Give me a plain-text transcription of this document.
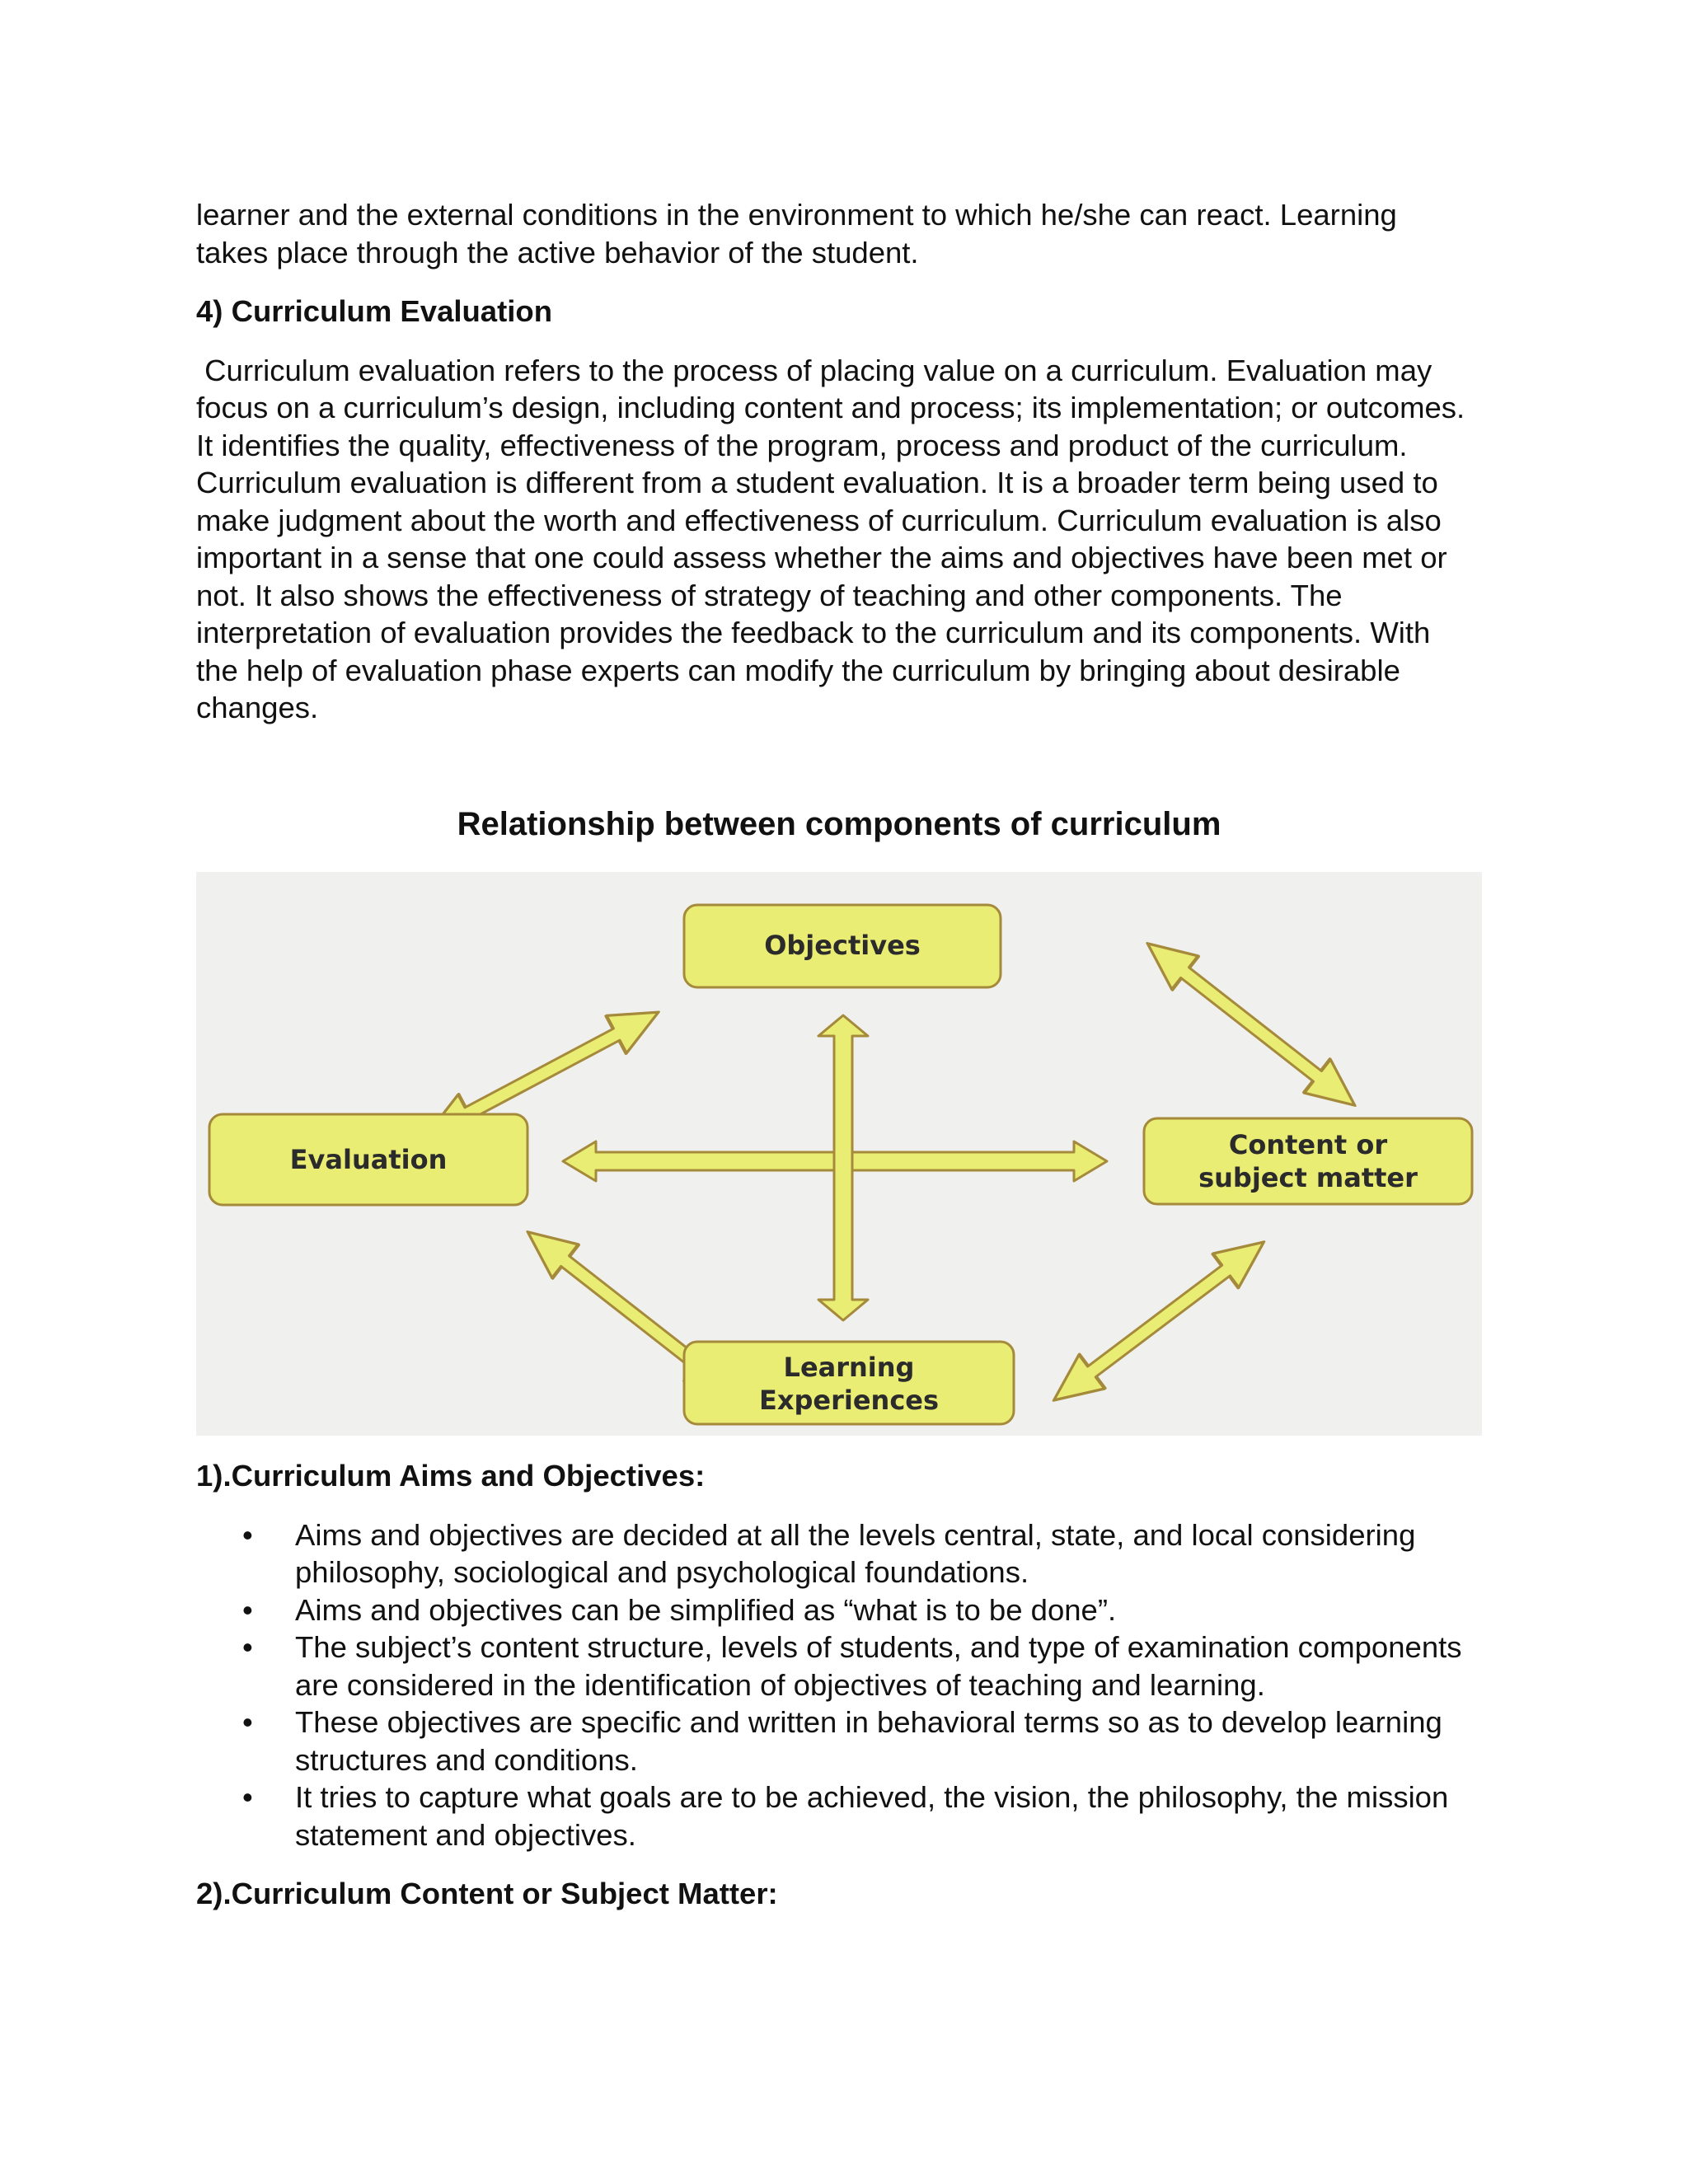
learner and the external conditions in the environment to which he/she can react. Learning
takes place through the active behavior of the student.

4) Curriculum Evaluation

Curriculum evaluation refers to the process of placing value on a curriculum. Evaluation may
focus on a curriculum’s design, including content and process; its implementation; or outcomes.
It identifies the quality, effectiveness of the program, process and product of the curriculum.
Curriculum evaluation is different from a student evaluation. It is a broader term being used to
make judgment about the worth and effectiveness of curriculum. Curriculum evaluation is also
important in a sense that one could assess whether the aims and objectives have been met or
not. It also shows the effectiveness of strategy of teaching and other components. The
interpretation of evaluation provides the feedback to the curriculum and its components. With
the help of evaluation phase experts can modify the curriculum by bringing about desirable
changes.

Relationship between components of curriculum

Objectives
Evaluation	Content or
subject matter
Learning
Experiences

1).Curriculum Aims and Objectives:

• Aims and objectives are decided at all the levels central, state, and local considering
philosophy, sociological and psychological foundations.
• Aims and objectives can be simplified as “what is to be done”.
• The subject’s content structure, levels of students, and type of examination components
are considered in the identification of objectives of teaching and learning.
• These objectives are specific and written in behavioral terms so as to develop learning
structures and conditions.
• It tries to capture what goals are to be achieved, the vision, the philosophy, the mission
statement and objectives.

2).Curriculum Content or Subject Matter:
